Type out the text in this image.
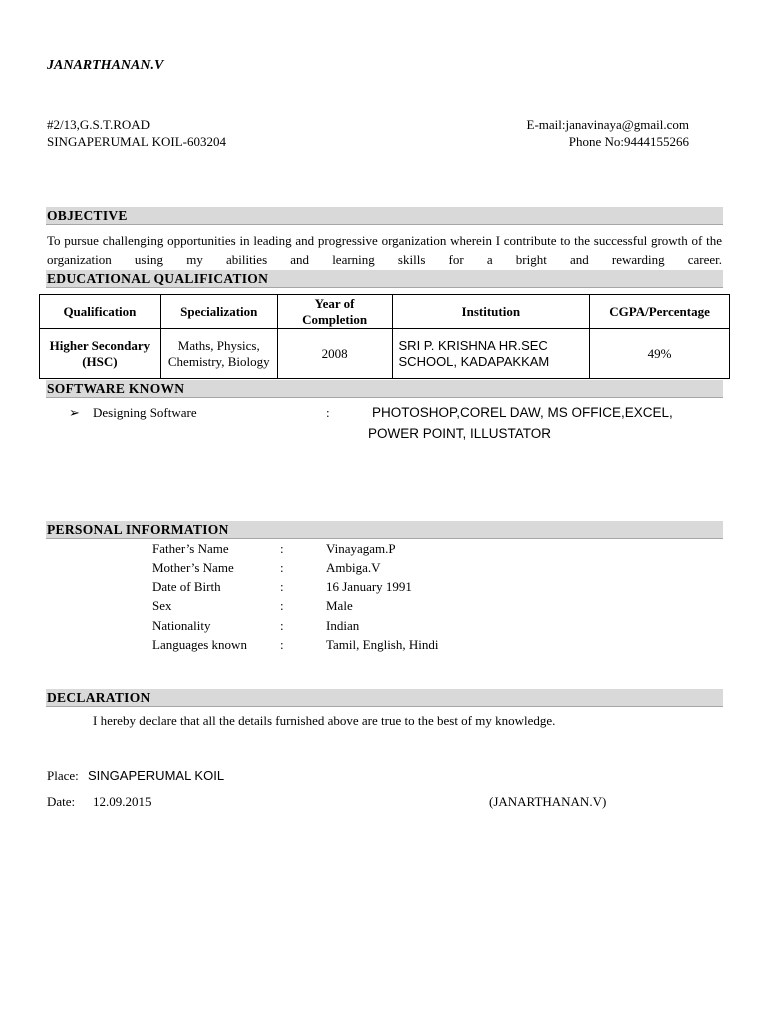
JANARTHANAN.V
#2/13,G.S.T.ROAD
SINGAPERUMAL KOIL-603204
E-mail:janavinaya@gmail.com
Phone No:9444155266
OBJECTIVE
To pursue challenging opportunities in leading and progressive organization wherein I contribute to the successful growth of the organization using my abilities and learning skills for a bright and rewarding career.
EDUCATIONAL QUALIFICATION
Qualification	Specialization	Year of Completion	Institution	CGPA/Percentage
Higher Secondary (HSC)	Maths, Physics, Chemistry, Biology	2008	SRI P. KRISHNA HR.SEC SCHOOL, KADAPAKKAM	49%
SOFTWARE KNOWN
➢ Designing Software	:	PHOTOSHOP,COREL DAW, MS OFFICE,EXCEL,
POWER POINT, ILLUSTATOR
PERSONAL INFORMATION
Father’s Name	:	Vinayagam.P
Mother’s Name	:	Ambiga.V
Date of Birth	:	16 January 1991
Sex	:	Male
Nationality	:	Indian
Languages known	:	Tamil, English, Hindi
DECLARATION
I hereby declare that all the details furnished above are true to the best of my knowledge.
Place: SINGAPERUMAL KOIL
Date: 12.09.2015	(JANARTHANAN.V)
